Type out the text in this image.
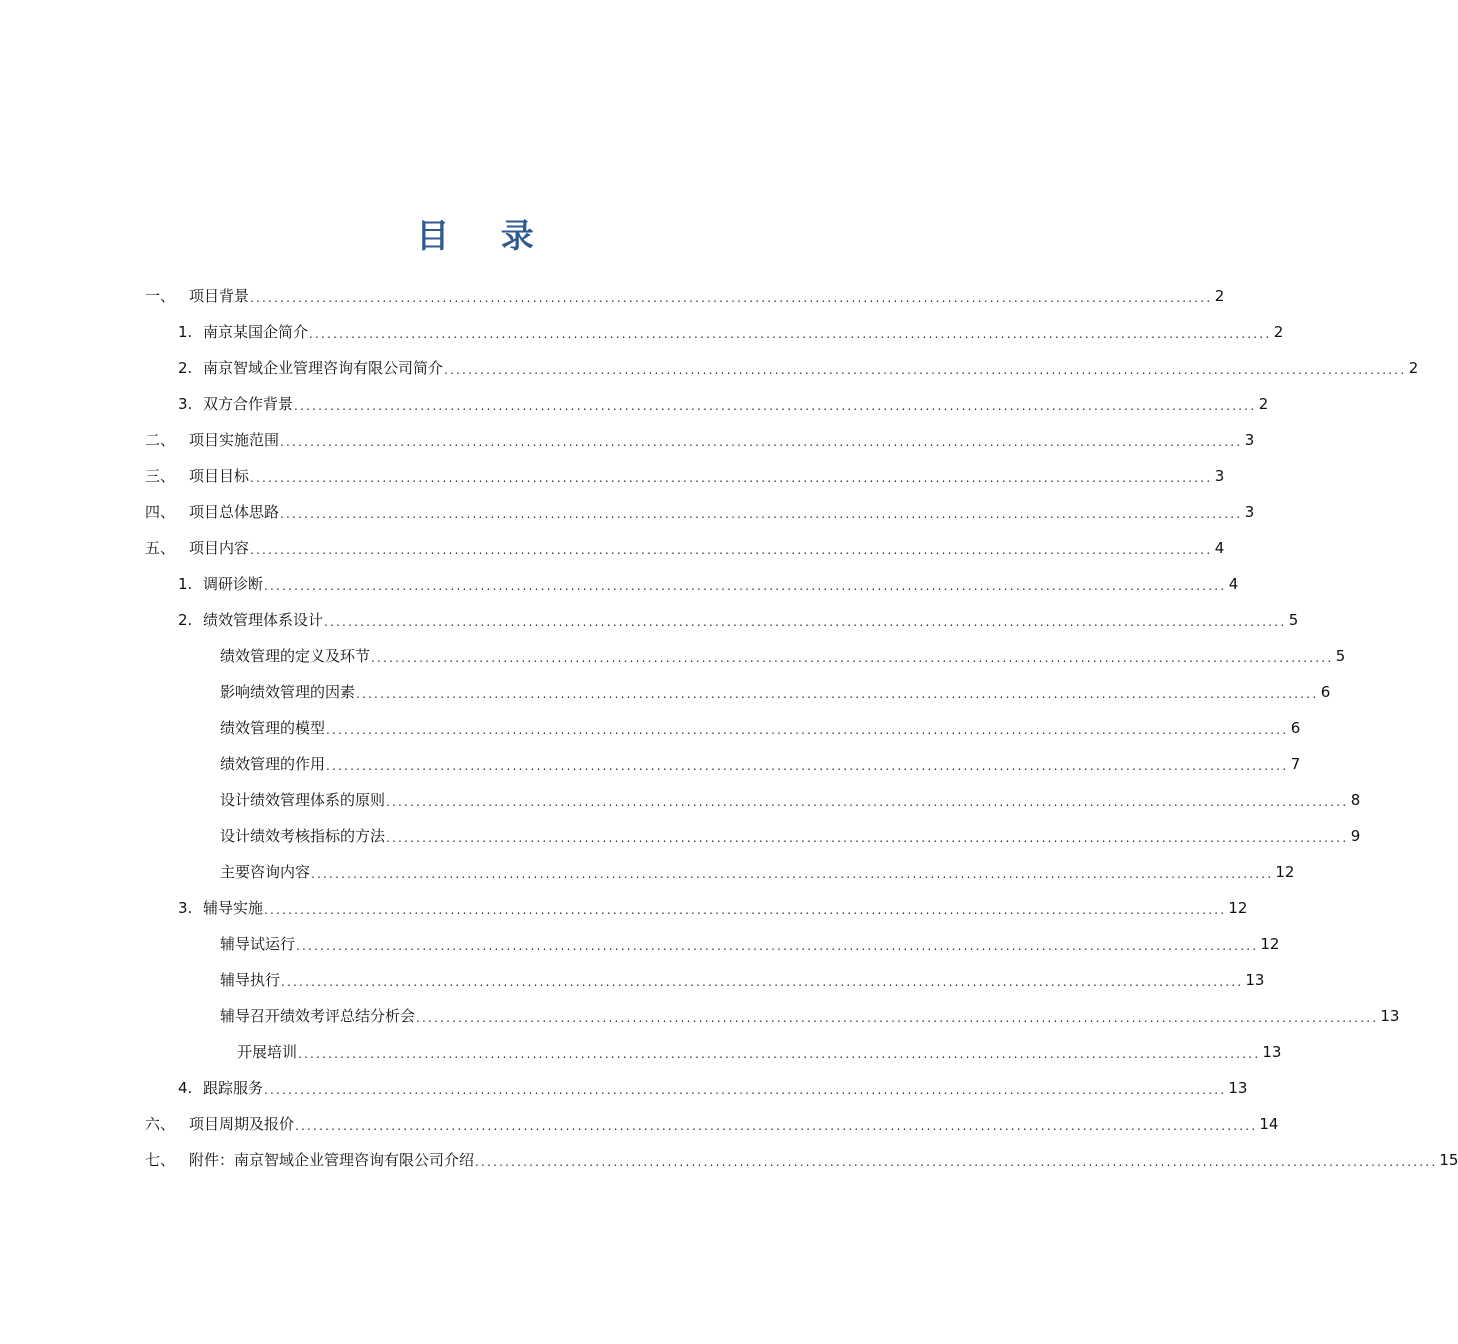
目 录
一、 项目背景 ................................................................................................................................................................ 2
1. 南京某国企简介 ................................................................................................................................................................ 2
2. 南京智域企业管理咨询有限公司简介 ................................................................................................................................................................ 2
3. 双方合作背景 ................................................................................................................................................................ 2
二、 项目实施范围 ................................................................................................................................................................ 3
三、 项目目标 ................................................................................................................................................................ 3
四、 项目总体思路 ................................................................................................................................................................ 3
五、 项目内容 ................................................................................................................................................................ 4
1. 调研诊断 ................................................................................................................................................................ 4
2. 绩效管理体系设计 ................................................................................................................................................................ 5
绩效管理的定义及环节 ................................................................................................................................................................ 5
影响绩效管理的因素 ................................................................................................................................................................ 6
绩效管理的模型 ................................................................................................................................................................ 6
绩效管理的作用 ................................................................................................................................................................ 7
设计绩效管理体系的原则 ................................................................................................................................................................ 8
设计绩效考核指标的方法 ................................................................................................................................................................ 9
主要咨询内容 ................................................................................................................................................................ 12
3. 辅导实施 ................................................................................................................................................................ 12
辅导试运行 ................................................................................................................................................................ 12
辅导执行 ................................................................................................................................................................ 13
辅导召开绩效考评总结分析会 ................................................................................................................................................................ 13
开展培训 ................................................................................................................................................................ 13
4. 跟踪服务 ................................................................................................................................................................ 13
六、 项目周期及报价 ................................................................................................................................................................ 14
七、 附件：南京智域企业管理咨询有限公司介绍 ................................................................................................................................................................ 15
